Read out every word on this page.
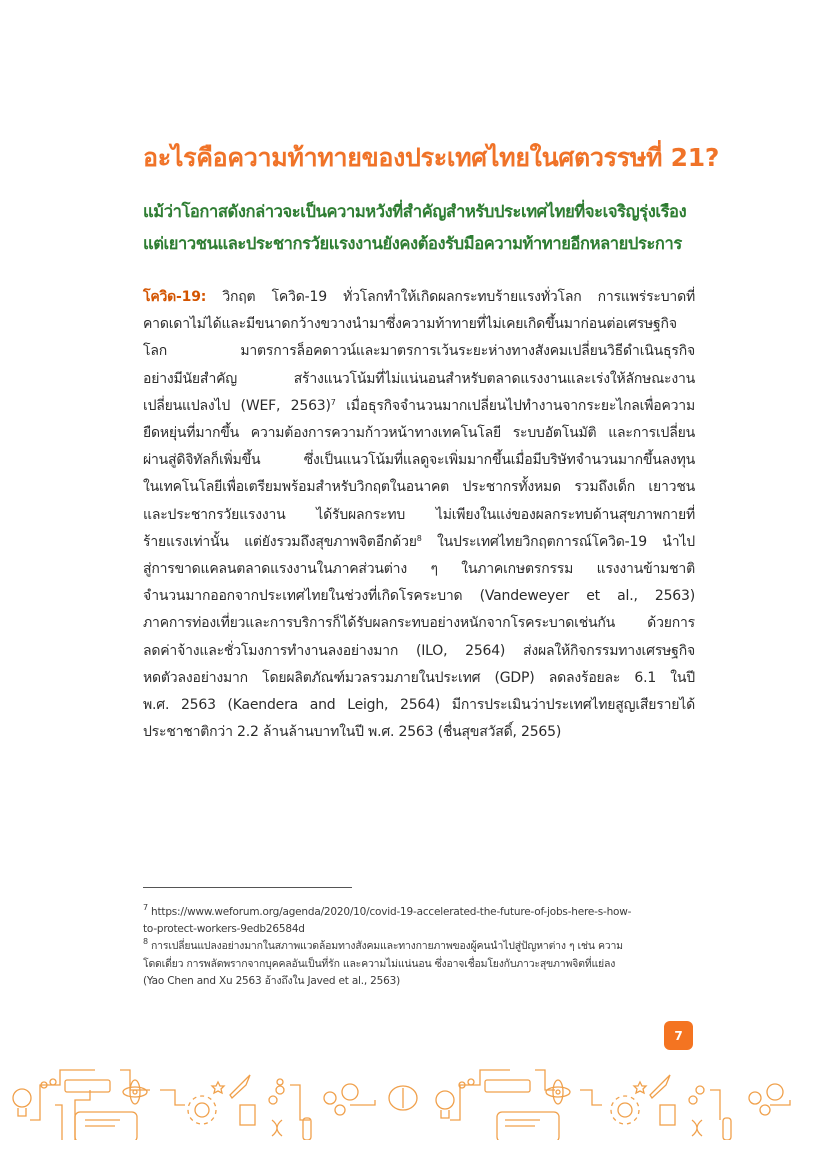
อะไรคือความท้าทายของประเทศไทยในศตวรรษที่ 21?
แม้ว่าโอกาสดังกล่าวจะเป็นความหวังที่สำคัญสำหรับประเทศไทยที่จะเจริญรุ่งเรือง
แต่เยาวชนและประชากรวัยแรงงานยังคงต้องรับมือความท้าทายอีกหลายประการ
โควิด-19: วิกฤต โควิด-19 ทั่วโลกทำให้เกิดผลกระทบร้ายแรงทั่วโลก การแพร่ระบาดที่
คาดเดาไม่ได้และมีขนาดกว้างขวางนำมาซึ่งความท้าทายที่ไม่เคยเกิดขึ้นมาก่อนต่อเศรษฐกิจ
โลก มาตรการล็อคดาวน์และมาตรการเว้นระยะห่างทางสังคมเปลี่ยนวิธีดำเนินธุรกิจ
อย่างมีนัยสำคัญ สร้างแนวโน้มที่ไม่แน่นอนสำหรับตลาดแรงงานและเร่งให้ลักษณะงาน
เปลี่ยนแปลงไป (WEF, 2563)$^7$ เมื่อธุรกิจจำนวนมากเปลี่ยนไปทำงานจากระยะไกลเพื่อความ
ยืดหยุ่นที่มากขึ้น ความต้องการความก้าวหน้าทางเทคโนโลยี ระบบอัตโนมัติ และการเปลี่ยน
ผ่านสู่ดิจิทัลก็เพิ่มขึ้น ซึ่งเป็นแนวโน้มที่แลดูจะเพิ่มมากขึ้นเมื่อมีบริษัทจำนวนมากขึ้นลงทุน
ในเทคโนโลยีเพื่อเตรียมพร้อมสำหรับวิกฤตในอนาคต ประชากรทั้งหมด รวมถึงเด็ก เยาวชน
และประชากรวัยแรงงาน ได้รับผลกระทบ ไม่เพียงในแง่ของผลกระทบด้านสุขภาพกายที่
ร้ายแรงเท่านั้น แต่ยังรวมถึงสุขภาพจิตอีกด้วย$^8$ ในประเทศไทยวิกฤตการณ์โควิด-19 นำไป
สู่การขาดแคลนตลาดแรงงานในภาคส่วนต่าง ๆ ในภาคเกษตรกรรม แรงงานข้ามชาติ
จำนวนมากออกจากประเทศไทยในช่วงที่เกิดโรคระบาด (Vandeweyer et al., 2563)
ภาคการท่องเที่ยวและการบริการก็ได้รับผลกระทบอย่างหนักจากโรคระบาดเช่นกัน ด้วยการ
ลดค่าจ้างและชั่วโมงการทำงานลงอย่างมาก (ILO, 2564) ส่งผลให้กิจกรรมทางเศรษฐกิจ
หดตัวลงอย่างมาก โดยผลิตภัณฑ์มวลรวมภายในประเทศ (GDP) ลดลงร้อยละ 6.1 ในปี
พ.ศ. 2563 (Kaendera and Leigh, 2564) มีการประเมินว่าประเทศไทยสูญเสียรายได้
ประชาชาติกว่า 2.2 ล้านล้านบาทในปี พ.ศ. 2563 (ชื่นสุขสวัสดิ์, 2565)
$^7$ https://www.weforum.org/agenda/2020/10/covid-19-accelerated-the-future-of-jobs-here-s-how-
to-protect-workers-9edb26584d
$^8$ การเปลี่ยนแปลงอย่างมากในสภาพแวดล้อมทางสังคมและทางกายภาพของผู้คนนำไปสู่ปัญหาต่าง ๆ เช่น ความ
โดดเดี่ยว การพลัดพรากจากบุคคลอันเป็นที่รัก และความไม่แน่นอน ซึ่งอาจเชื่อมโยงกับภาวะสุขภาพจิตที่แย่ลง
(Yao Chen and Xu 2563 อ้างถึงใน Javed et al., 2563)
7
